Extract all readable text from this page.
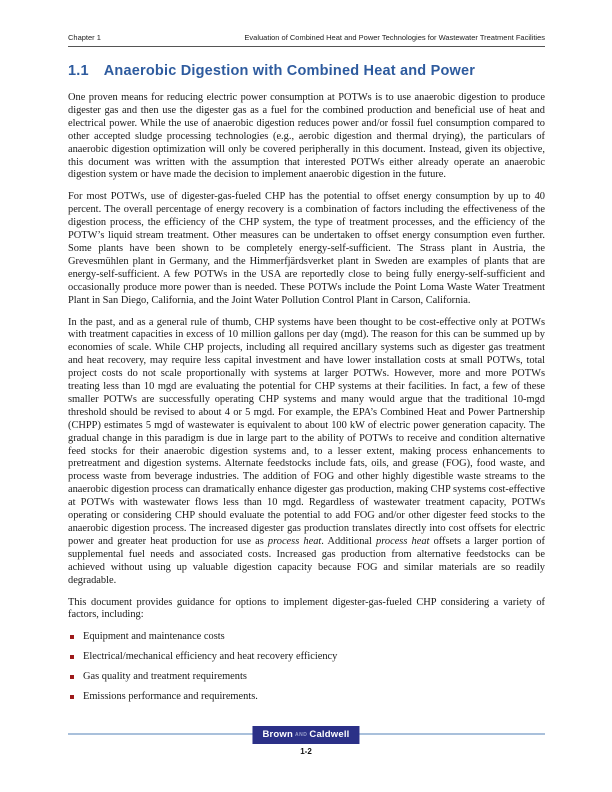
Chapter 1	Evaluation of Combined Heat and Power Technologies for Wastewater Treatment Facilities
1.1 Anaerobic Digestion with Combined Heat and Power
One proven means for reducing electric power consumption at POTWs is to use anaerobic digestion to produce digester gas and then use the digester gas as a fuel for the combined production and beneficial use of heat and electrical power. While the use of anaerobic digestion reduces power and/or fossil fuel consumption compared to other accepted sludge processing technologies (e.g., aerobic digestion and thermal drying), the particulars of anaerobic digestion optimization will only be covered peripherally in this document. Instead, given its objective, this document was written with the assumption that interested POTWs either already operate an anaerobic digestion system or have made the decision to implement anaerobic digestion in the future.
For most POTWs, use of digester-gas-fueled CHP has the potential to offset energy consumption by up to 40 percent. The overall percentage of energy recovery is a combination of factors including the effectiveness of the digestion process, the efficiency of the CHP system, the type of treatment processes, and the efficiency of the POTW’s liquid stream treatment. Other measures can be undertaken to offset energy consumption even further. Some plants have been shown to be completely energy-self-sufficient. The Strass plant in Austria, the Grevesmühlen plant in Germany, and the Himmerfjärdsverket plant in Sweden are examples of plants that are energy-self-sufficient. A few POTWs in the USA are reportedly close to being fully energy-self-sufficient and occasionally produce more power than is needed. These POTWs include the Point Loma Waste Water Treatment Plant in San Diego, California, and the Joint Water Pollution Control Plant in Carson, California.
In the past, and as a general rule of thumb, CHP systems have been thought to be cost-effective only at POTWs with treatment capacities in excess of 10 million gallons per day (mgd). The reason for this can be summed up by economies of scale. While CHP projects, including all required ancillary systems such as digester gas treatment and heat recovery, may require less capital investment and have lower installation costs at small POTWs, total project costs do not scale proportionally with systems at larger POTWs. However, more and more POTWs treating less than 10 mgd are evaluating the potential for CHP systems at their facilities. In fact, a few of these smaller POTWs are successfully operating CHP systems and many would argue that the traditional 10-mgd threshold should be revised to about 4 or 5 mgd. For example, the EPA’s Combined Heat and Power Partnership (CHPP) estimates 5 mgd of wastewater is equivalent to about 100 kW of electric power generation capacity. The gradual change in this paradigm is due in large part to the ability of POTWs to receive and condition alternative feed stocks for their anaerobic digestion systems and, to a lesser extent, making process enhancements to pretreatment and digestion systems. Alternate feedstocks include fats, oils, and grease (FOG), food waste, and process waste from beverage industries. The addition of FOG and other highly digestible waste streams to the anaerobic digestion process can dramatically enhance digester gas production, making CHP systems cost-effective at POTWs with wastewater flows less than 10 mgd. Regardless of wastewater treatment capacity, POTWs operating or considering CHP should evaluate the potential to add FOG and/or other digester feed stocks to the anaerobic digestion process. The increased digester gas production translates directly into cost offsets for electric power and greater heat production for use as process heat. Additional process heat offsets a larger portion of supplemental fuel needs and associated costs. Increased gas production from alternative feedstocks can be achieved without using up valuable digestion capacity because FOG and similar materials are so readily degradable.
This document provides guidance for options to implement digester-gas-fueled CHP considering a variety of factors, including:
Equipment and maintenance costs
Electrical/mechanical efficiency and heat recovery efficiency
Gas quality and treatment requirements
Emissions performance and requirements.
Brown AND Caldwell
1-2
